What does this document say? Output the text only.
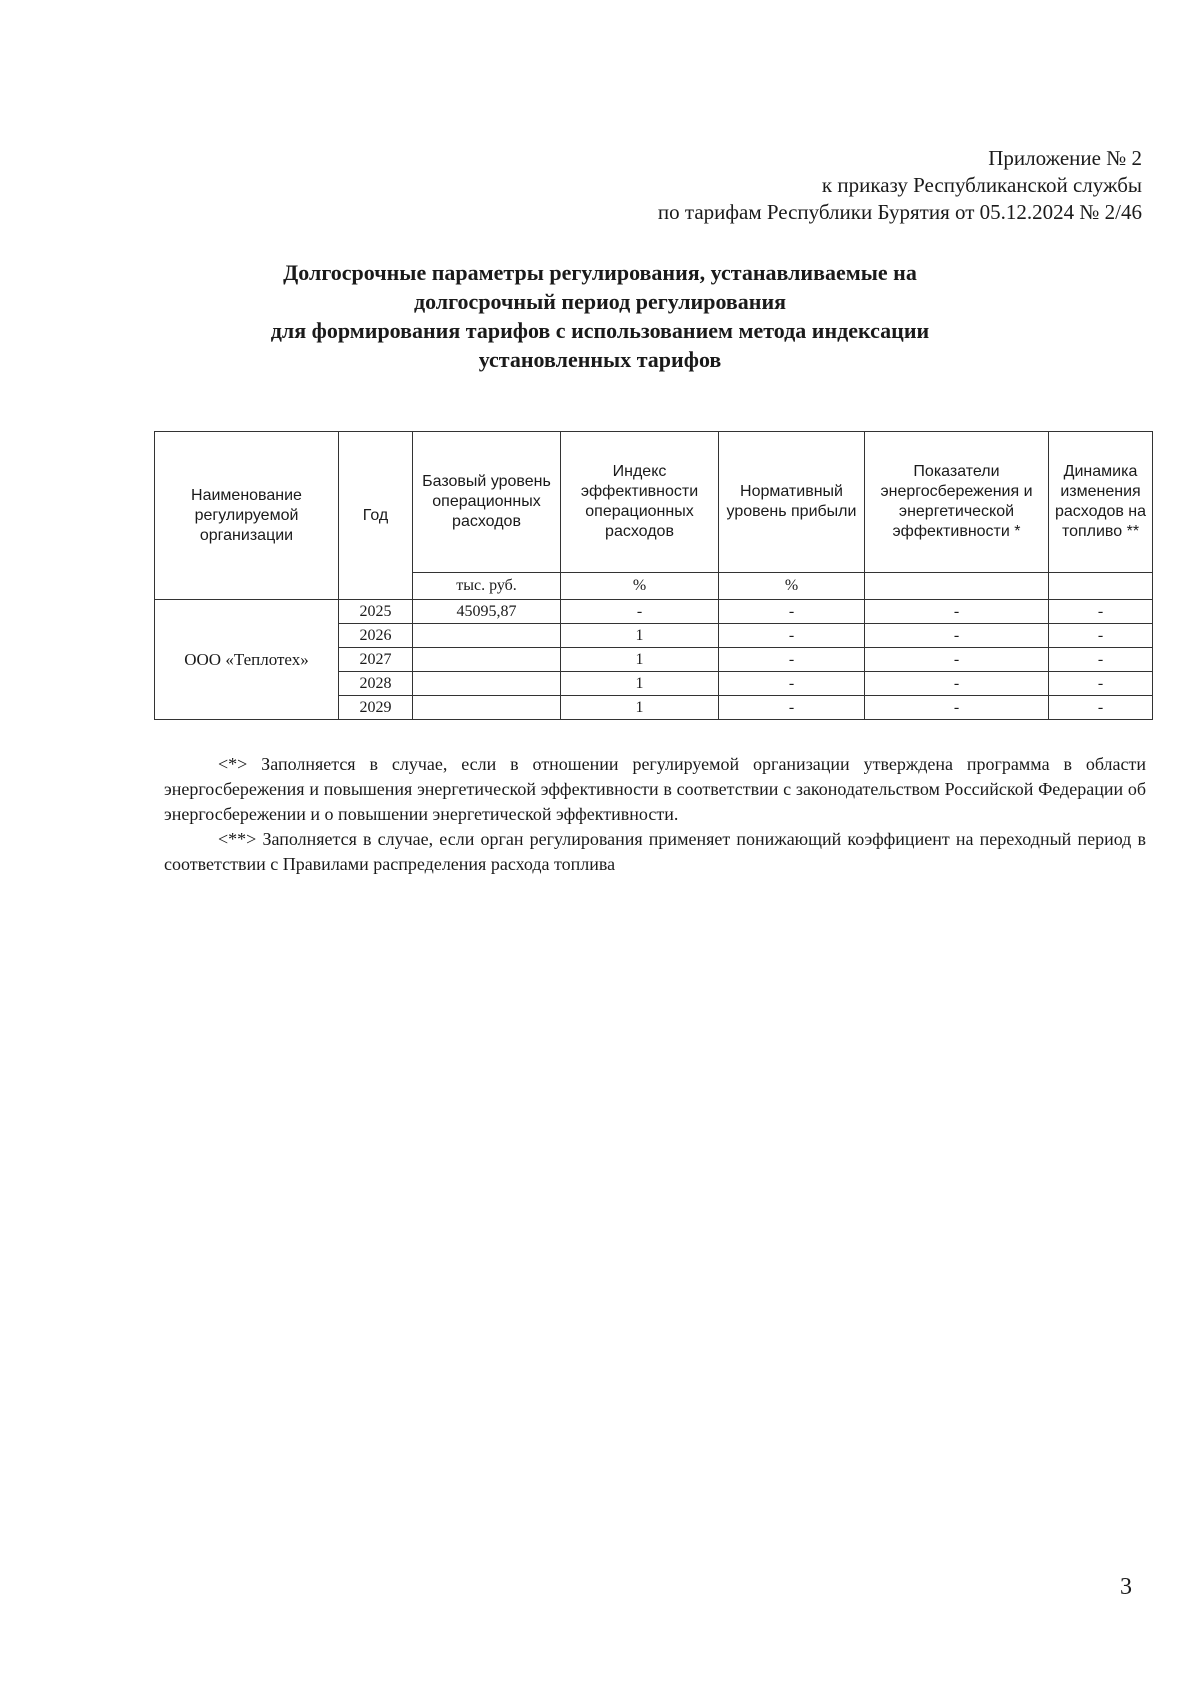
Приложение № 2
к приказу Республиканской службы
по тарифам Республики Бурятия от 05.12.2024 № 2/46
Долгосрочные параметры регулирования, устанавливаемые на
долгосрочный период регулирования
для формирования тарифов с использованием метода индексации
установленных тарифов
Наименование регулируемой организации	Год	Базовый уровень операционных расходов	Индекс эффективности операционных расходов	Нормативный уровень прибыли	Показатели энергосбережения и энергетической эффективности *	Динамика изменения расходов на топливо **
		тыс. руб.	%	%		
ООО «Теплотех»	2025	45095,87	-	-	-	-
	2026		1	-	-	-
	2027		1	-	-	-
	2028		1	-	-	-
	2029		1	-	-	-

<*> Заполняется в случае, если в отношении регулируемой организации утверждена программа в области энергосбережения и повышения энергетической эффективности в соответствии с законодательством Российской Федерации об энергосбережении и о повышении энергетической эффективности.

<**> Заполняется в случае, если орган регулирования применяет понижающий коэффициент на переходный период в соответствии с Правилами распределения расхода топлива

3
